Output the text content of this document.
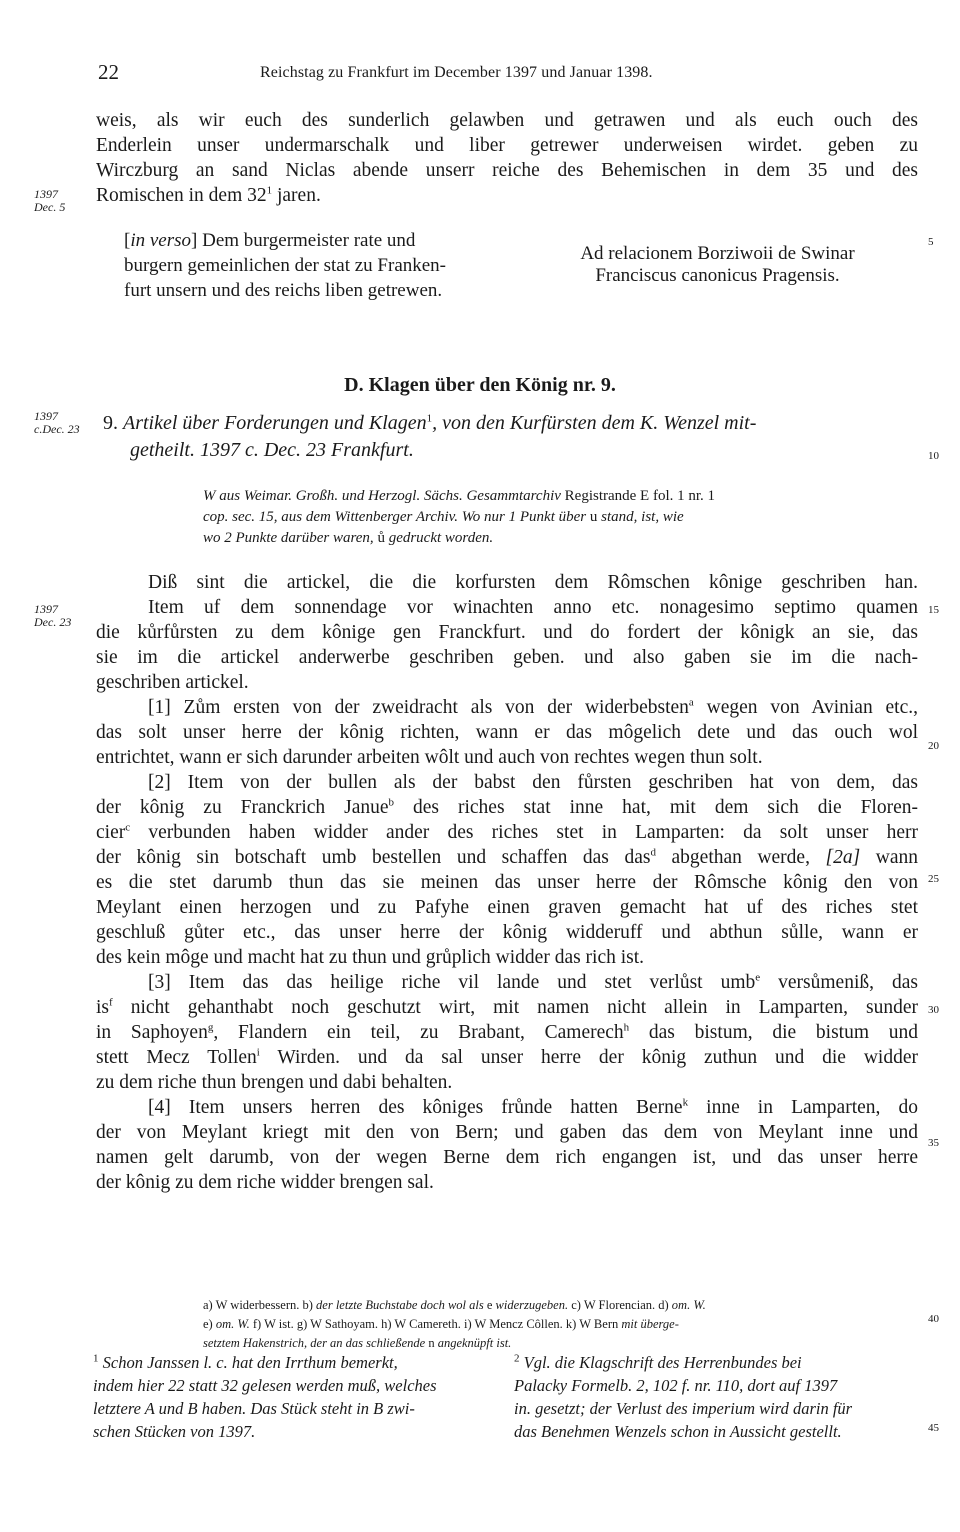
22	Reichstag zu Frankfurt im December 1397 und Januar 1398.
weis, als wir euch des sunderlich gelawben und getrawen und als euch ouch des
Enderlein unser undermarschalk und liber getrewer underweisen wirdet. geben zu
Wirczburg an sand Niclas abende unserr reiche des Behemischen in dem 35 und des
Romischen in dem $32^1$ jaren.
1397
Dec. 5
[in verso] Dem burgermeister rate und
burgern gemeinlichen der stat zu Franken-
furt unsern und des reichs liben getrewen.
Ad relacionem Borziwoii de Swinar
Franciscus canonicus Pragensis.
5
D. Klagen über den König nr. 9.
1397
c.Dec. 23 9. Artikel über Forderungen und Klagen$^1$, von den Kurfürsten dem K. Wenzel mit-
getheilt. 1397 c. Dec. 23 Frankfurt.	10
W aus Weimar. Großh. und Herzogl. Sächs. Gesammtarchiv Registrande E fol. 1 nr. 1
cop. sec. 15, aus dem Wittenberger Archiv. Wo nur 1 Punkt über u stand, ist, wie
wo 2 Punkte darüber waren, ů gedruckt worden.
Diß sint die artickel, die die korfursten dem Rômschen kônige geschriben han.
Item uf dem sonnendage vor winachten anno etc. nonagesimo septimo quamen
die kůrfůrsten zu dem kônige gen Franckfurt. und do fordert der kônigk an sie, das
sie im die artickel anderwerbe geschriben geben. und also gaben sie im die nach-
geschriben artickel.
[1] Zům ersten von der zweidracht als von der widerbebsten$^a$ wegen von Avinian etc.,
das solt unser herre der kônig richten, wann er das môgelich dete und das ouch wol
entrichtet, wann er sich darunder arbeiten wôlt und auch von rechtes wegen thun solt.
[2] Item von der bullen als der babst den fůrsten geschriben hat von dem, das
der kônig zu Franckrich Janue$^b$ des riches stat inne hat, mit dem sich die Floren-
cier$^c$ verbunden haben widder ander des riches stet in Lamparten: da solt unser herr
der kônig sin botschaft umb bestellen und schaffen das das$^d$ abgethan werde, [2a] wann
es die stet darumb thun das sie meinen das unser herre der Rômsche kônig den von
Meylant einen herzogen und zu Pafyhe einen graven gemacht hat uf des riches stet
geschluß gůter etc., das unser herre der kônig widderuff und abthun sůlle, wann er
des kein môge und macht hat zu thun und grůplich widder das rich ist.
[3] Item das das heilige riche vil lande und stet verlůst umb$^e$ versůmeniß, das
$is^f$ nicht gehanthabt noch geschutzt wirt, mit namen nicht allein in Lamparten, sunder
in Saphoyen$^g$, Flandern ein teil, zu Brabant, Camerech$^h$ das bistum, die bistum und
stett Mecz Tollen$^i$ Wirden. und da sal unser herre der kônig zuthun und die widder
zu dem riche thun brengen und dabi behalten.
[4] Item unsers herren des kôniges frůnde hatten Berne$^k$ inne in Lamparten, do
der von Meylant kriegt mit den von Bern; und gaben das dem von Meylant inne und
namen gelt darumb, von der wegen Berne dem rich engangen ist, und das unser herre
der kônig zu dem riche widder brengen sal.
1397
Dec. 23
15
20
25
30
35
a) W widerbessern. b) der letzte Buchstabe doch wol als e widerzugeben. c) W Florencian. d) om. W.
e) om. W. f) W ist. g) W Sathoyam. h) W Camereth. i) W Mencz Côllen. k) W Bern mit überge-
setztem Hakenstrich, der an das schließende n angeknüpft ist.
40
$^1$ Schon Janssen l. c. hat den Irrthum bemerkt,
indem hier 22 statt 32 gelesen werden muß, welches
letztere A und B haben. Das Stück steht in B zwi-
schen Stücken von 1397.
$^2$ Vgl. die Klagschrift des Herrenbundes bei
Palacky Formelb. 2, 102 f. nr. 110, dort auf 1397
in. gesetzt; der Verlust des imperium wird darin für
das Benehmen Wenzels schon in Aussicht gestellt.	45
